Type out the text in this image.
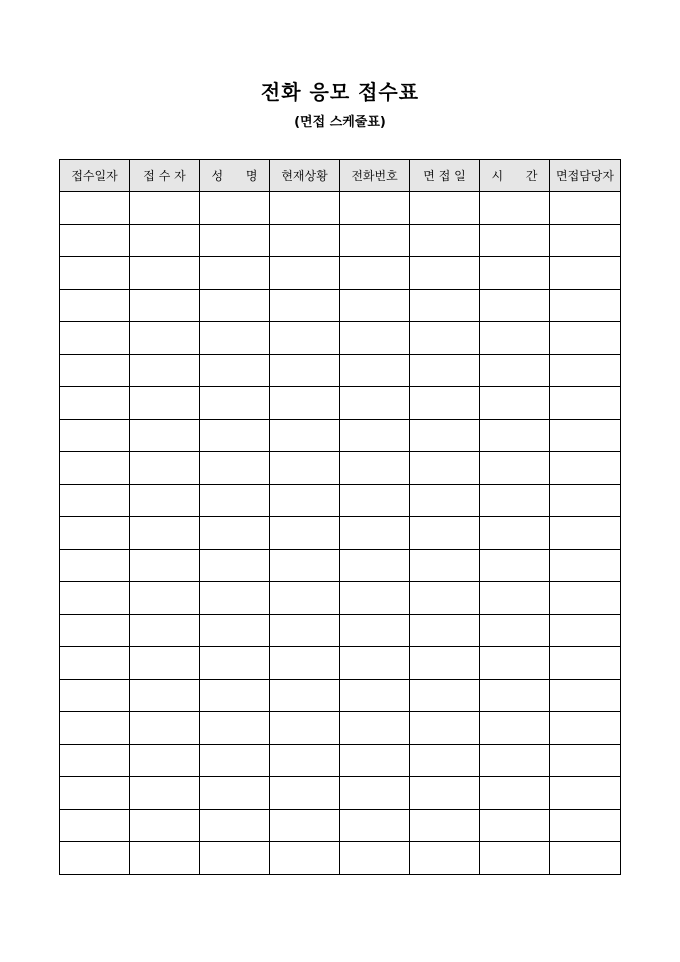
전화 응모 접수표
(면접 스케줄표)
접수일자	접 수 자	성      명	현재상황	전화번호	면 접 일	시      간	면접담당자
